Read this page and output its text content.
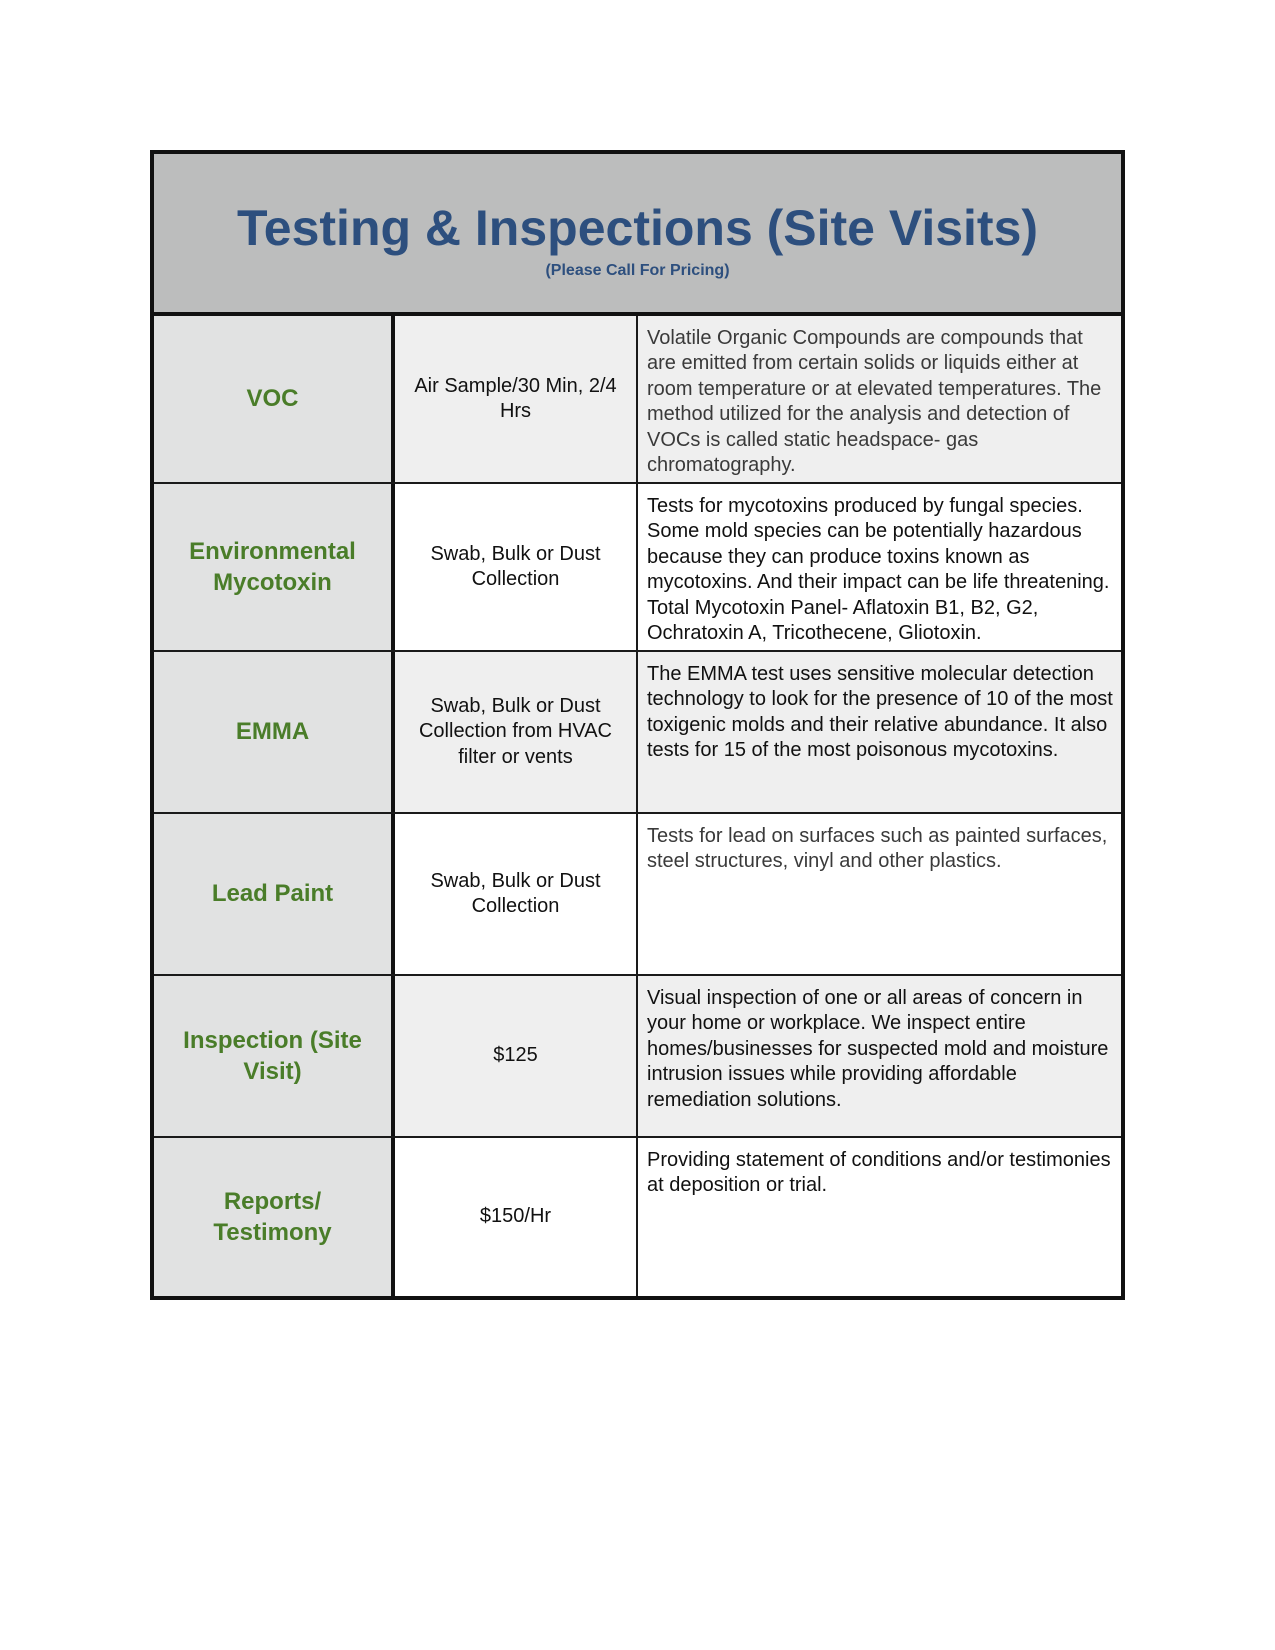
Testing & Inspections (Site Visits)
(Please Call For Pricing)
VOC	Air Sample/30 Min, 2/4 Hrs
Volatile Organic Compounds are compounds that are emitted from certain solids or liquids either at room temperature or at elevated temperatures. The method utilized for the analysis and detection of VOCs is called static headspace- gas chromatography.
Environmental Mycotoxin
Swab, Bulk or Dust Collection
Tests for mycotoxins produced by fungal species. Some mold species can be potentially hazardous because they can produce toxins known as mycotoxins. And their impact can be life threatening. Total Mycotoxin Panel- Aflatoxin B1, B2, G2, Ochratoxin A, Tricothecene, Gliotoxin.
EMMA
Swab, Bulk or Dust Collection from HVAC filter or vents
The EMMA test uses sensitive molecular detection technology to look for the presence of 10 of the most toxigenic molds and their relative abundance. It also tests for 15 of the most poisonous mycotoxins.
Lead Paint	Swab, Bulk or Dust Collection
Tests for lead on surfaces such as painted surfaces, steel structures, vinyl and other plastics.
Inspection (Site Visit)
$125
Visual inspection of one or all areas of concern in your home or workplace. We inspect entire homes/businesses for suspected mold and moisture intrusion issues while providing affordable remediation solutions.
Reports/ Testimony
$150/Hr
Providing statement of conditions and/or testimonies at deposition or trial.
